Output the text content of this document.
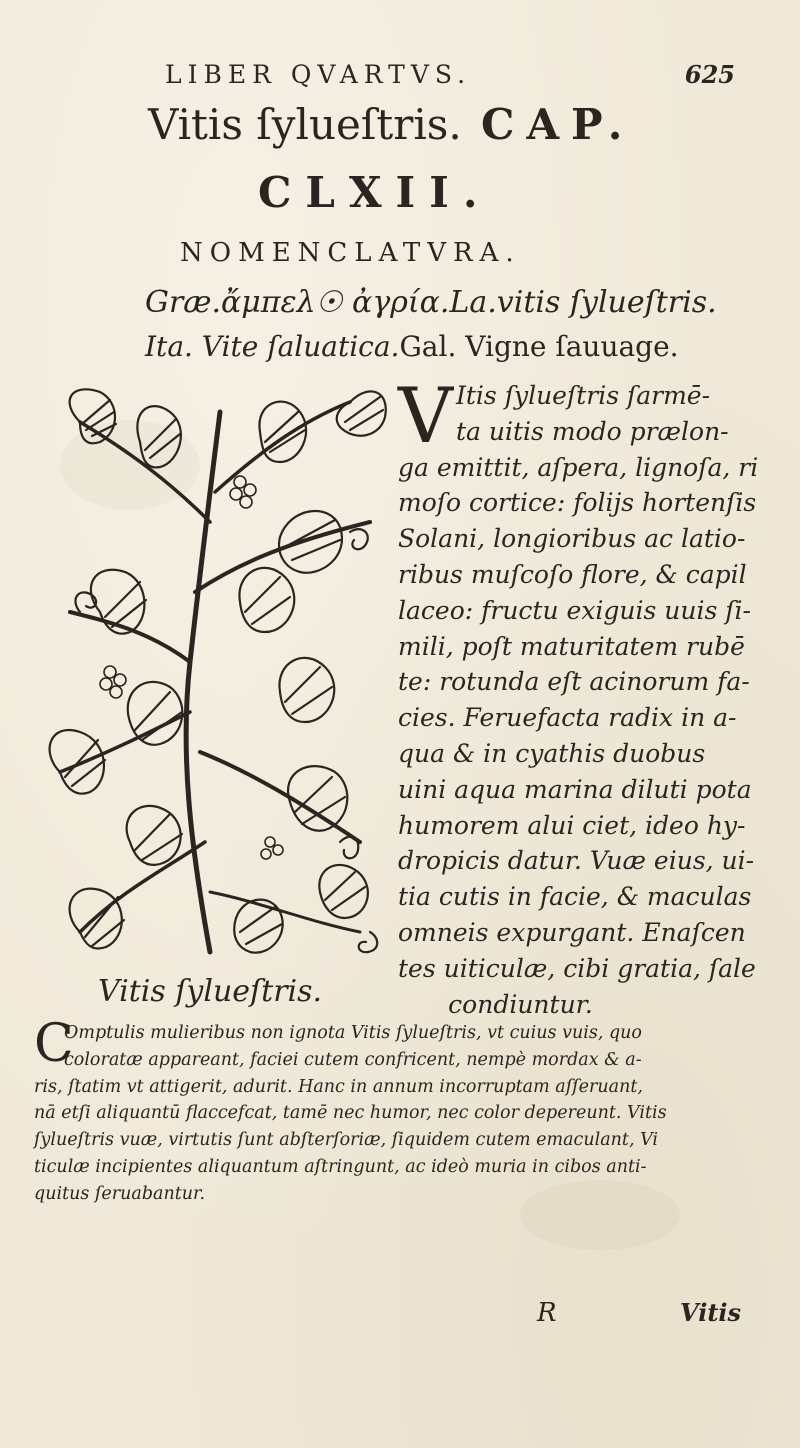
LIBER QVARTVS.	625
Vitis ſylueſtris. CAP.
CLXII.
NOMENCLATVRA.
Græ.ἄμπελ☉ ἀγρία.La.vitis ſylueſtris.
Ita. Vite ſaluatica.Gal. Vigne ſauuage.
Vitis ſylueſtris.
V Itis ſylueſtris ſarmē-
ta uitis modo prælon-
ga emittit, aſpera, lignoſa, ri
moſo cortice: folijs hortenſis
Solani, longioribus ac latio-
ribus muſcoſo flore, & capil
laceo: fructu exiguis uuis ſi-
mili, poſt maturitatem rubē
te: rotunda eſt acinorum fa-
cies. Feruefacta radix in a-
qua & in cyathis duobus
uini aqua marina diluti pota
humorem alui ciet, ideo hy-
dropicis datur. Vuæ eius, ui-
tia cutis in facie, & maculas
omneis expurgant. Enaſcen
tes uiticulæ, cibi gratia, ſale
condiuntur.
C
Omptulis mulieribus non ignota Vitis ſylueſtris, vt cuius vuis, quo
coloratæ appareant, faciei cutem confricent, nempè mordax & a-
ris, ſtatim vt attigerit, adurit. Hanc in annum incorruptam aſſeruant,
nā etſi aliquantū flaccefcat, tamē nec humor, nec color depereunt. Vitis
ſylueſtris vuæ, virtutis ſunt abſterſoriæ, ſiquidem cutem emaculant, Vi
ticulæ incipientes aliquantum aſtringunt, ac ideò muria in cibos anti-
quitus ſeruabantur.
R	Vitis
